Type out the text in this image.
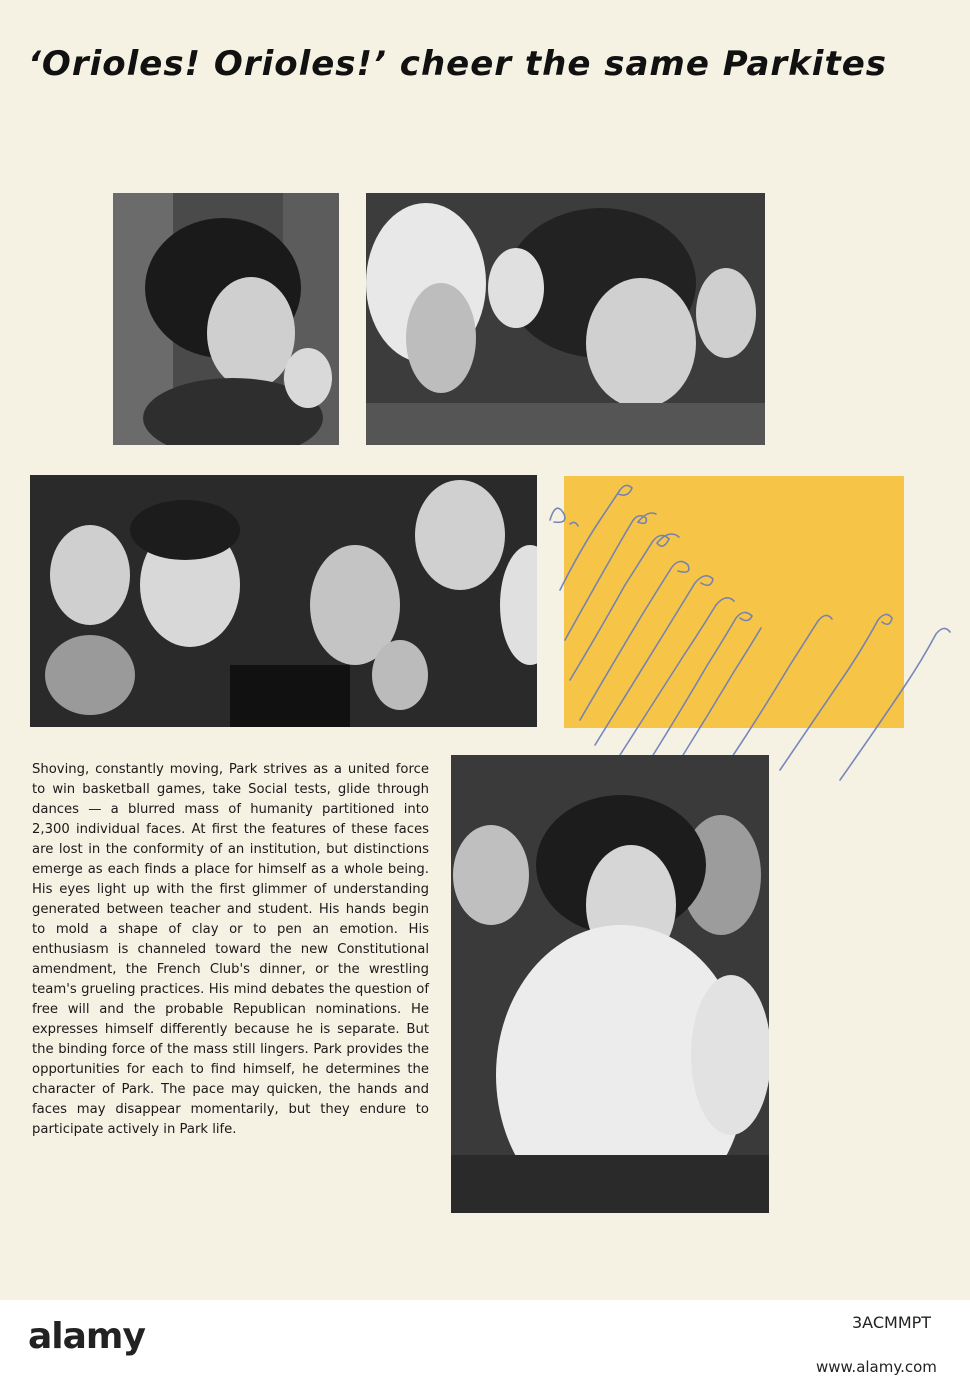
‘Orioles! Orioles!’ cheer the same Parkites
Shoving, constantly moving, Park strives as a united force to win basketball games, take Social tests, glide through dances — a blurred mass of humanity partitioned into 2,300 individual faces. At first the features of these faces are lost in the conformity of an institution, but distinctions emerge as each finds a place for himself as a whole being. His eyes light up with the first glimmer of understanding generated between teacher and student. His hands begin to mold a shape of clay or to pen an emotion. His enthusiasm is channeled toward the new Constitutional amendment, the French Club's dinner, or the wrestling team's grueling practices. His mind debates the question of free will and the probable Republican nominations. He expresses himself differently because he is separate. But the binding force of the mass still lingers. Park provides the opportunities for each to find himself, he determines the character of Park. The pace may quicken, the hands and faces may disappear momentarily, but they endure to participate actively in Park life.
alamy	3ACMMPT
www.alamy.com
